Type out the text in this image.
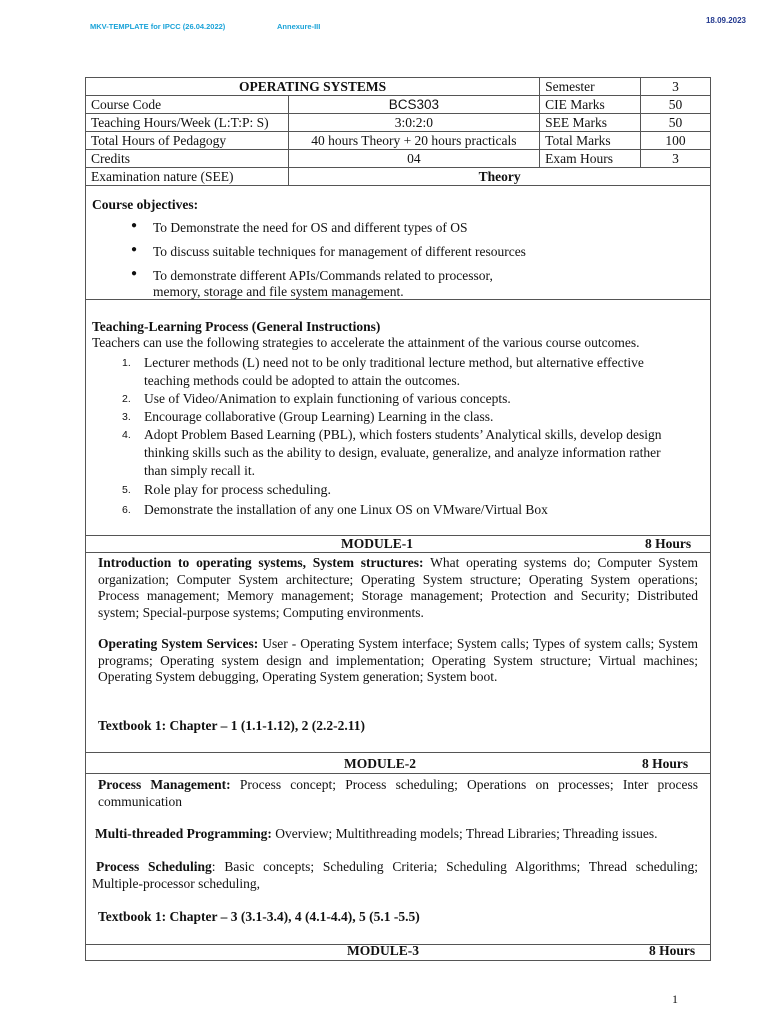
MKV-TEMPLATE for IPCC (26.04.2022)	Annexure-III
18.09.2023
OPERATING SYSTEMS		Semester	3
Course Code	BCS303	CIE Marks	50
Teaching Hours/Week (L:T:P: S)	3:0:2:0	SEE Marks	50
Total Hours of Pedagogy	40 hours Theory + 20 hours practicals	Total Marks	100
Credits	04	Exam Hours	3
Examination nature (SEE)	Theory		

Course objectives:

● To Demonstrate the need for OS and different types of OS
● To discuss suitable techniques for management of different resources
● To demonstrate different APIs/Commands related to processor,
memory, storage and file system management.

Teaching-Learning Process (General Instructions)

Teachers can use the following strategies to accelerate the attainment of the various course outcomes.

1. Lecturer methods (L) need not to be only traditional lecture method, but alternative effective
teaching methods could be adopted to attain the outcomes.
2. Use of Video/Animation to explain functioning of various concepts.
3. Encourage collaborative (Group Learning) Learning in the class.
4. Adopt Problem Based Learning (PBL), which fosters students’ Analytical skills, develop design
thinking skills such as the ability to design, evaluate, generalize, and analyze information rather
than simply recall it.
5. Role play for process scheduling.
6. Demonstrate the installation of any one Linux OS on VMware/Virtual Box
MODULE-1	8 Hours

Introduction to operating systems, System structures: What operating systems do; Computer System organization; Computer System architecture; Operating System structure; Operating System operations; Process management; Memory management; Storage management; Protection and Security; Distributed system; Special-purpose systems; Computing environments.

Operating System Services: User - Operating System interface; System calls; Types of system calls; System programs; Operating system design and implementation; Operating System structure; Virtual machines; Operating System debugging, Operating System generation; System boot.

Textbook 1: Chapter – 1 (1.1-1.12), 2 (2.2-2.11)

MODULE-2	8 Hours

Process Management: Process concept; Process scheduling; Operations on processes; Inter process communication

Multi-threaded Programming: Overview; Multithreading models; Thread Libraries; Threading issues.

Process Scheduling: Basic concepts; Scheduling Criteria; Scheduling Algorithms; Thread scheduling; Multiple-processor scheduling,

Textbook 1: Chapter – 3 (3.1-3.4), 4 (4.1-4.4), 5 (5.1 -5.5)

MODULE-3	8 Hours
1
